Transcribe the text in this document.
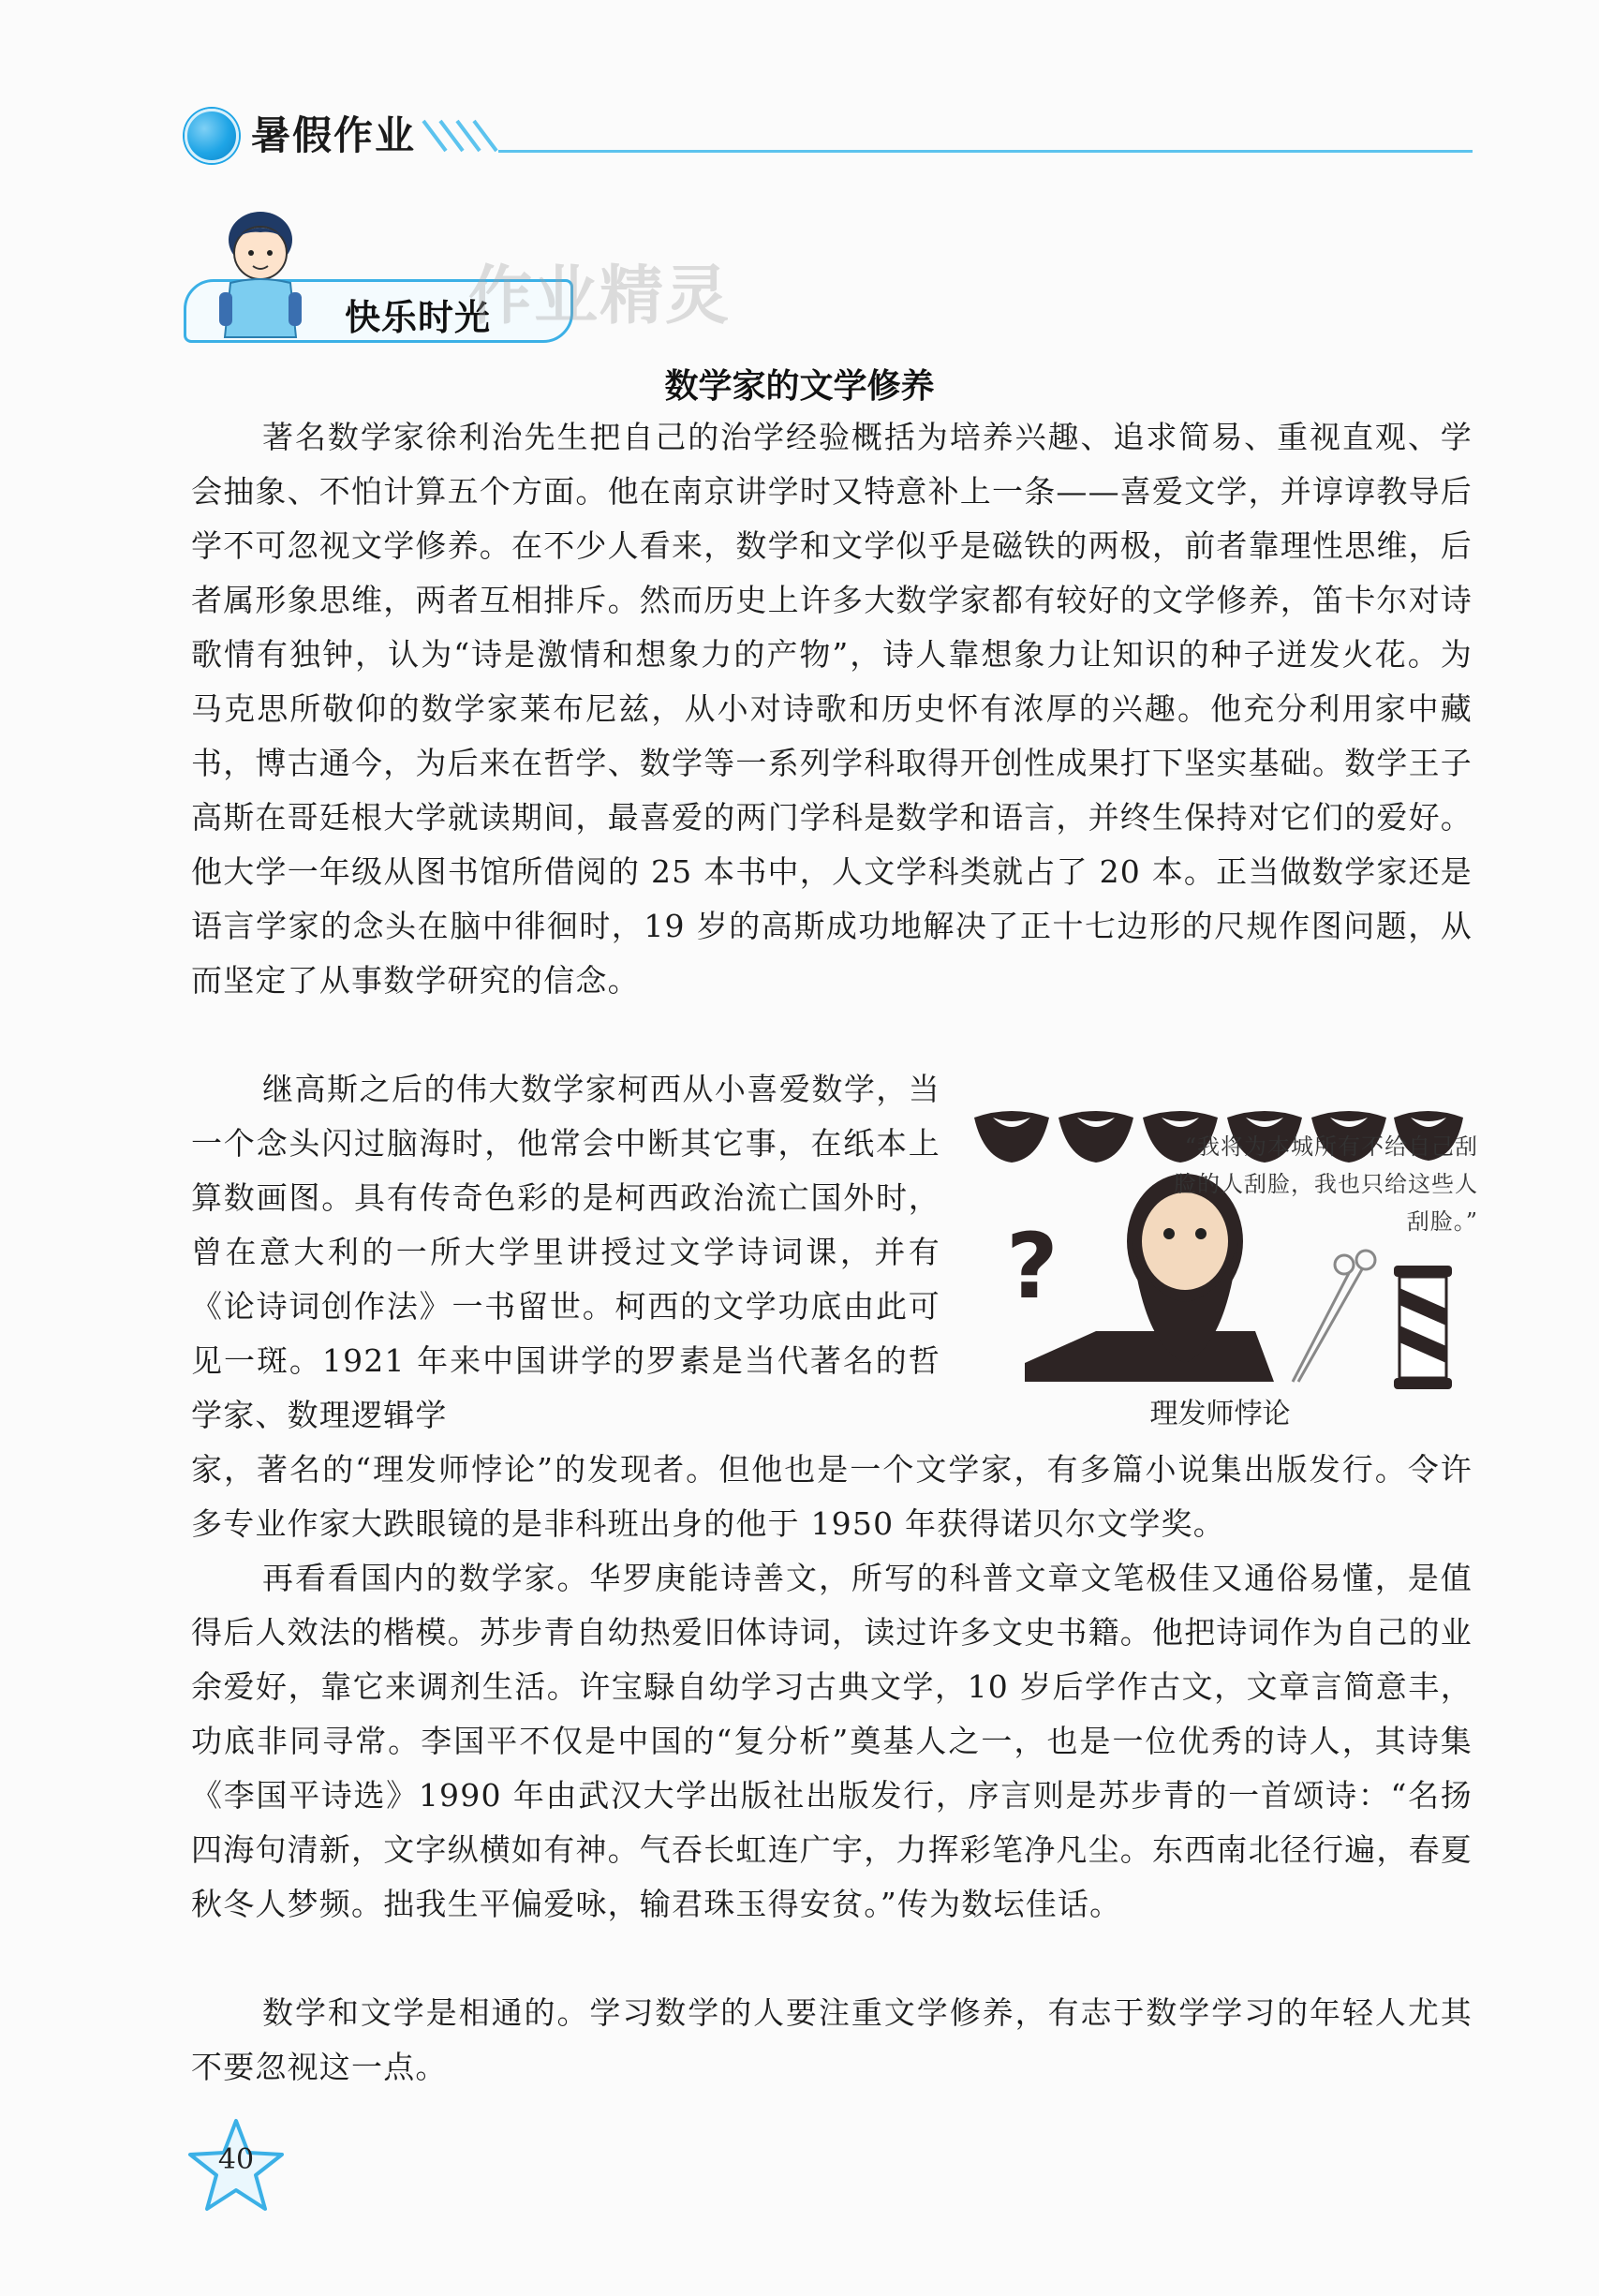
暑假作业
快乐时光
作业精灵
数学家的文学修养
著名数学家徐利治先生把自己的治学经验概括为培养兴趣、追求简易、重视直观、学会抽象、不怕计算五个方面。他在南京讲学时又特意补上一条——喜爱文学，并谆谆教导后学不可忽视文学修养。在不少人看来，数学和文学似乎是磁铁的两极，前者靠理性思维，后者属形象思维，两者互相排斥。然而历史上许多大数学家都有较好的文学修养，笛卡尔对诗歌情有独钟，认为“诗是激情和想象力的产物”，诗人靠想象力让知识的种子迸发火花。为马克思所敬仰的数学家莱布尼兹，从小对诗歌和历史怀有浓厚的兴趣。他充分利用家中藏书，博古通今，为后来在哲学、数学等一系列学科取得开创性成果打下坚实基础。数学王子高斯在哥廷根大学就读期间，最喜爱的两门学科是数学和语言，并终生保持对它们的爱好。他大学一年级从图书馆所借阅的 25 本书中，人文学科类就占了 20 本。正当做数学家还是语言学家的念头在脑中徘徊时，19 岁的高斯成功地解决了正十七边形的尺规作图问题，从而坚定了从事数学研究的信念。
继高斯之后的伟大数学家柯西从小喜爱数学，当一个念头闪过脑海时，他常会中断其它事，在纸本上算数画图。具有传奇色彩的是柯西政治流亡国外时，曾在意大利的一所大学里讲授过文学诗词课，并有《论诗词创作法》一书留世。柯西的文学功底由此可见一斑。1921 年来中国讲学的罗素是当代著名的哲学家、数理逻辑学
家，著名的“理发师悖论”的发现者。但他也是一个文学家，有多篇小说集出版发行。令许多专业作家大跌眼镜的是非科班出身的他于 1950 年获得诺贝尔文学奖。
再看看国内的数学家。华罗庚能诗善文，所写的科普文章文笔极佳又通俗易懂，是值得后人效法的楷模。苏步青自幼热爱旧体诗词，读过许多文史书籍。他把诗词作为自己的业余爱好，靠它来调剂生活。许宝騄自幼学习古典文学，10 岁后学作古文，文章言简意丰，功底非同寻常。李国平不仅是中国的“复分析”奠基人之一，也是一位优秀的诗人，其诗集《李国平诗选》1990 年由武汉大学出版社出版发行，序言则是苏步青的一首颂诗：“名扬四海句清新，文字纵横如有神。气吞长虹连广宇，力挥彩笔净凡尘。东西南北径行遍，春夏秋冬人梦频。拙我生平偏爱咏，输君珠玉得安贫。”传为数坛佳话。
数学和文学是相通的。学习数学的人要注重文学修养，有志于数学学习的年轻人尤其不要忽视这一点。
?
“我将为本城所有不给自己刮脸的人刮脸，我也只给这些人刮脸。”
理发师悖论
40
